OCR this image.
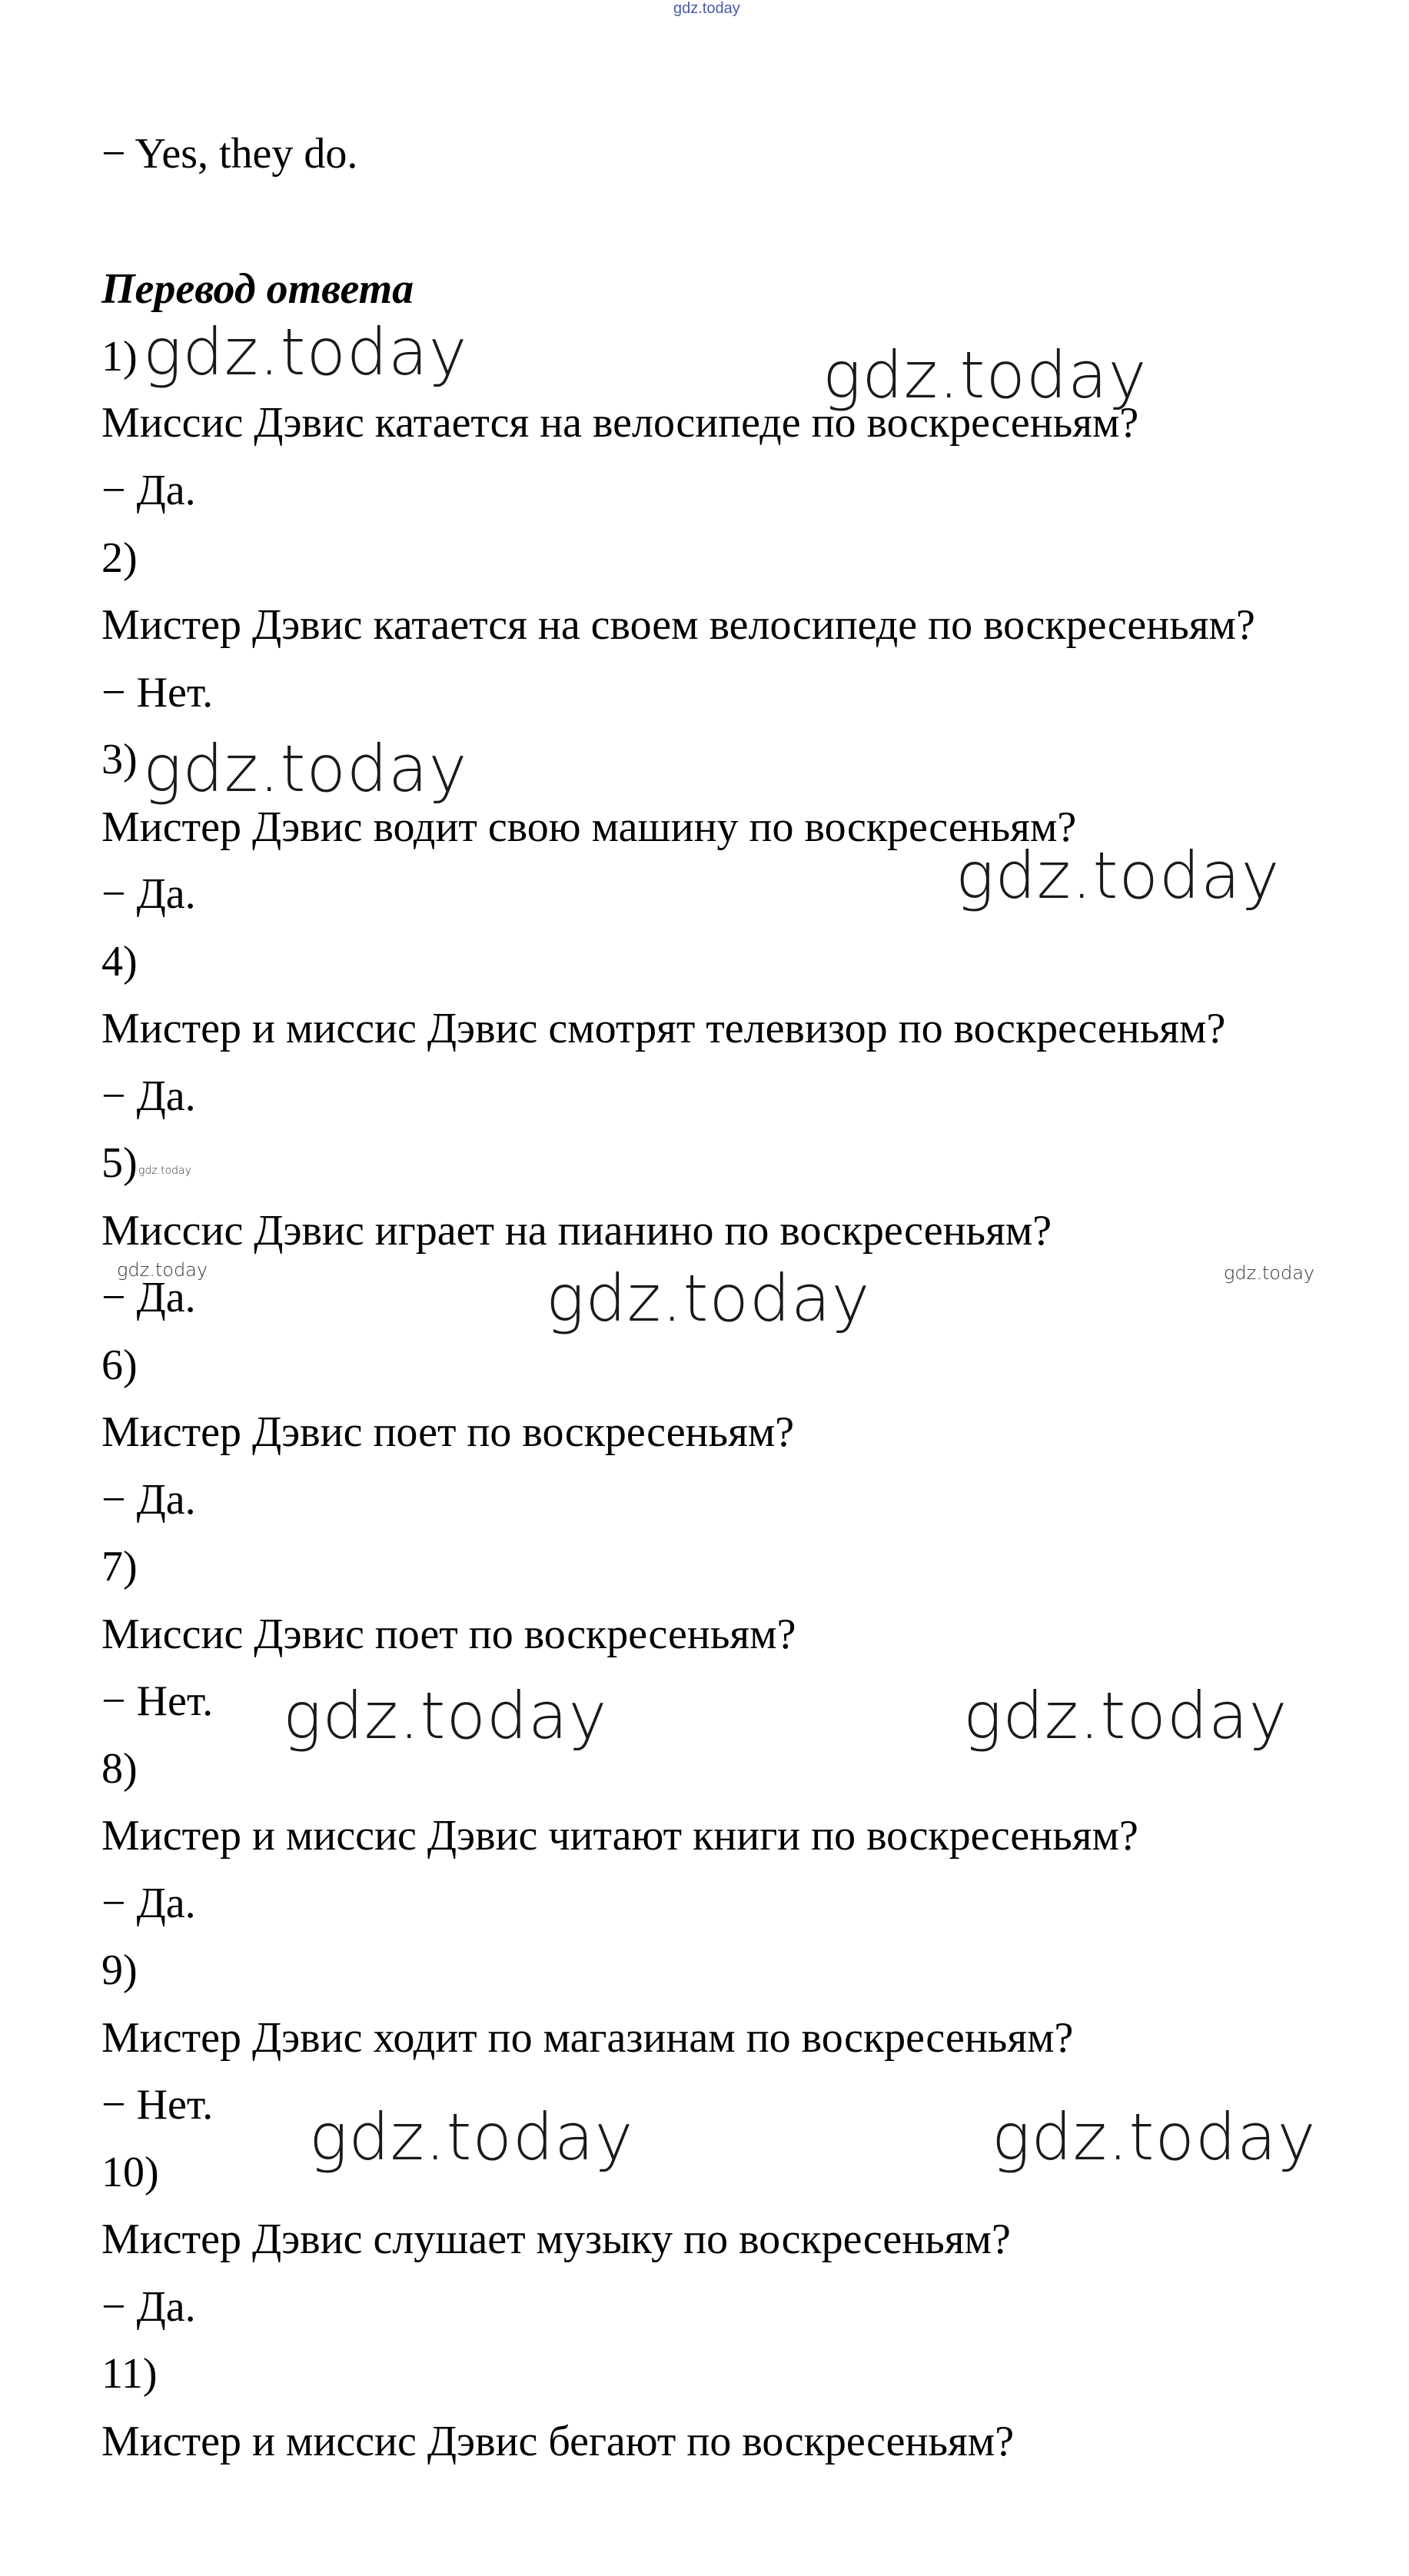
gdz.today
− Yes, they do.
Перевод ответа
1)
Миссис Дэвис катается на велосипеде по воскресеньям?
− Да.
2)
Мистер Дэвис катается на своем велосипеде по воскресеньям?
− Нет.
3)
Мистер Дэвис водит свою машину по воскресеньям?
− Да.
4)
Мистер и миссис Дэвис смотрят телевизор по воскресеньям?
− Да.
5)
Миссис Дэвис играет на пианино по воскресеньям?
− Да.
6)
Мистер Дэвис поет по воскресеньям?
− Да.
7)
Миссис Дэвис поет по воскресеньям?
− Нет.
8)
Мистер и миссис Дэвис читают книги по воскресеньям?
− Да.
9)
Мистер Дэвис ходит по магазинам по воскресеньям?
− Нет.
10)
Мистер Дэвис слушает музыку по воскресеньям?
− Да.
11)
Мистер и миссис Дэвис бегают по воскресеньям?
gdz.today	gdz.today
gdz.today
gdz.today
gdz.today
gdz.today	gdz.today
gdz.today
gdz.today	gdz.today
gdz.today	gdz.today
